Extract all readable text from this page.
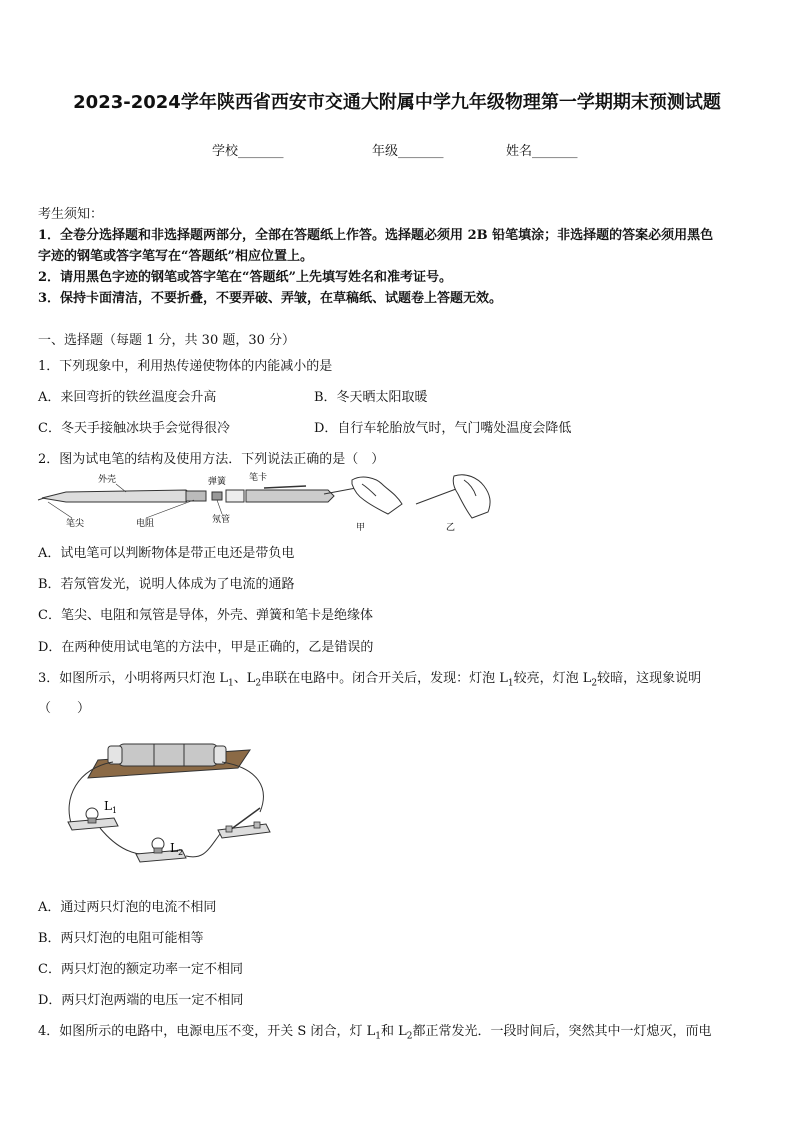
2023-2024学年陕西省西安市交通大附属中学九年级物理第一学期期末预测试题
学校_______	年级_______	姓名_______
考生须知：
1．全卷分选择题和非选择题两部分，全部在答题纸上作答。选择题必须用 2B 铅笔填涂；非选择题的答案必须用黑色
字迹的钢笔或答字笔写在“答题纸”相应位置上。
2．请用黑色字迹的钢笔或答字笔在“答题纸”上先填写姓名和准考证号。
3．保持卡面清洁，不要折叠，不要弄破、弄皱，在草稿纸、试题卷上答题无效。
一、选择题（每题 1 分，共 30 题，30 分）
1．下列现象中，利用热传递使物体的内能减小的是
A．来回弯折的铁丝温度会升高	B．冬天晒太阳取暖
C．冬天手接触冰块手会觉得很冷	D．自行车轮胎放气时，气门嘴处温度会降低
2．图为试电笔的结构及使用方法．下列说法正确的是（　）
外壳	弹簧	笔卡
笔尖	电阻	氖管
甲	乙
A．试电笔可以判断物体是带正电还是带负电
B．若氖管发光，说明人体成为了电流的通路
C．笔尖、电阻和氖管是导体，外壳、弹簧和笔卡是绝缘体
D．在两种使用试电笔的方法中，甲是正确的，乙是错误的
3．如图所示，小明将两只灯泡 $L_1$、$L_2$串联在电路中。闭合开关后，发现：灯泡 $L_1$较亮，灯泡 $L_2$较暗，这现象说明
（　　）
$L_1$
$L_2$
A．通过两只灯泡的电流不相同
B．两只灯泡的电阻可能相等
C．两只灯泡的额定功率一定不相同
D．两只灯泡两端的电压一定不相同
4．如图所示的电路中，电源电压不变，开关 S 闭合，灯 $L_1$和 $L_2$都正常发光．一段时间后，突然其中一灯熄灭，而电
